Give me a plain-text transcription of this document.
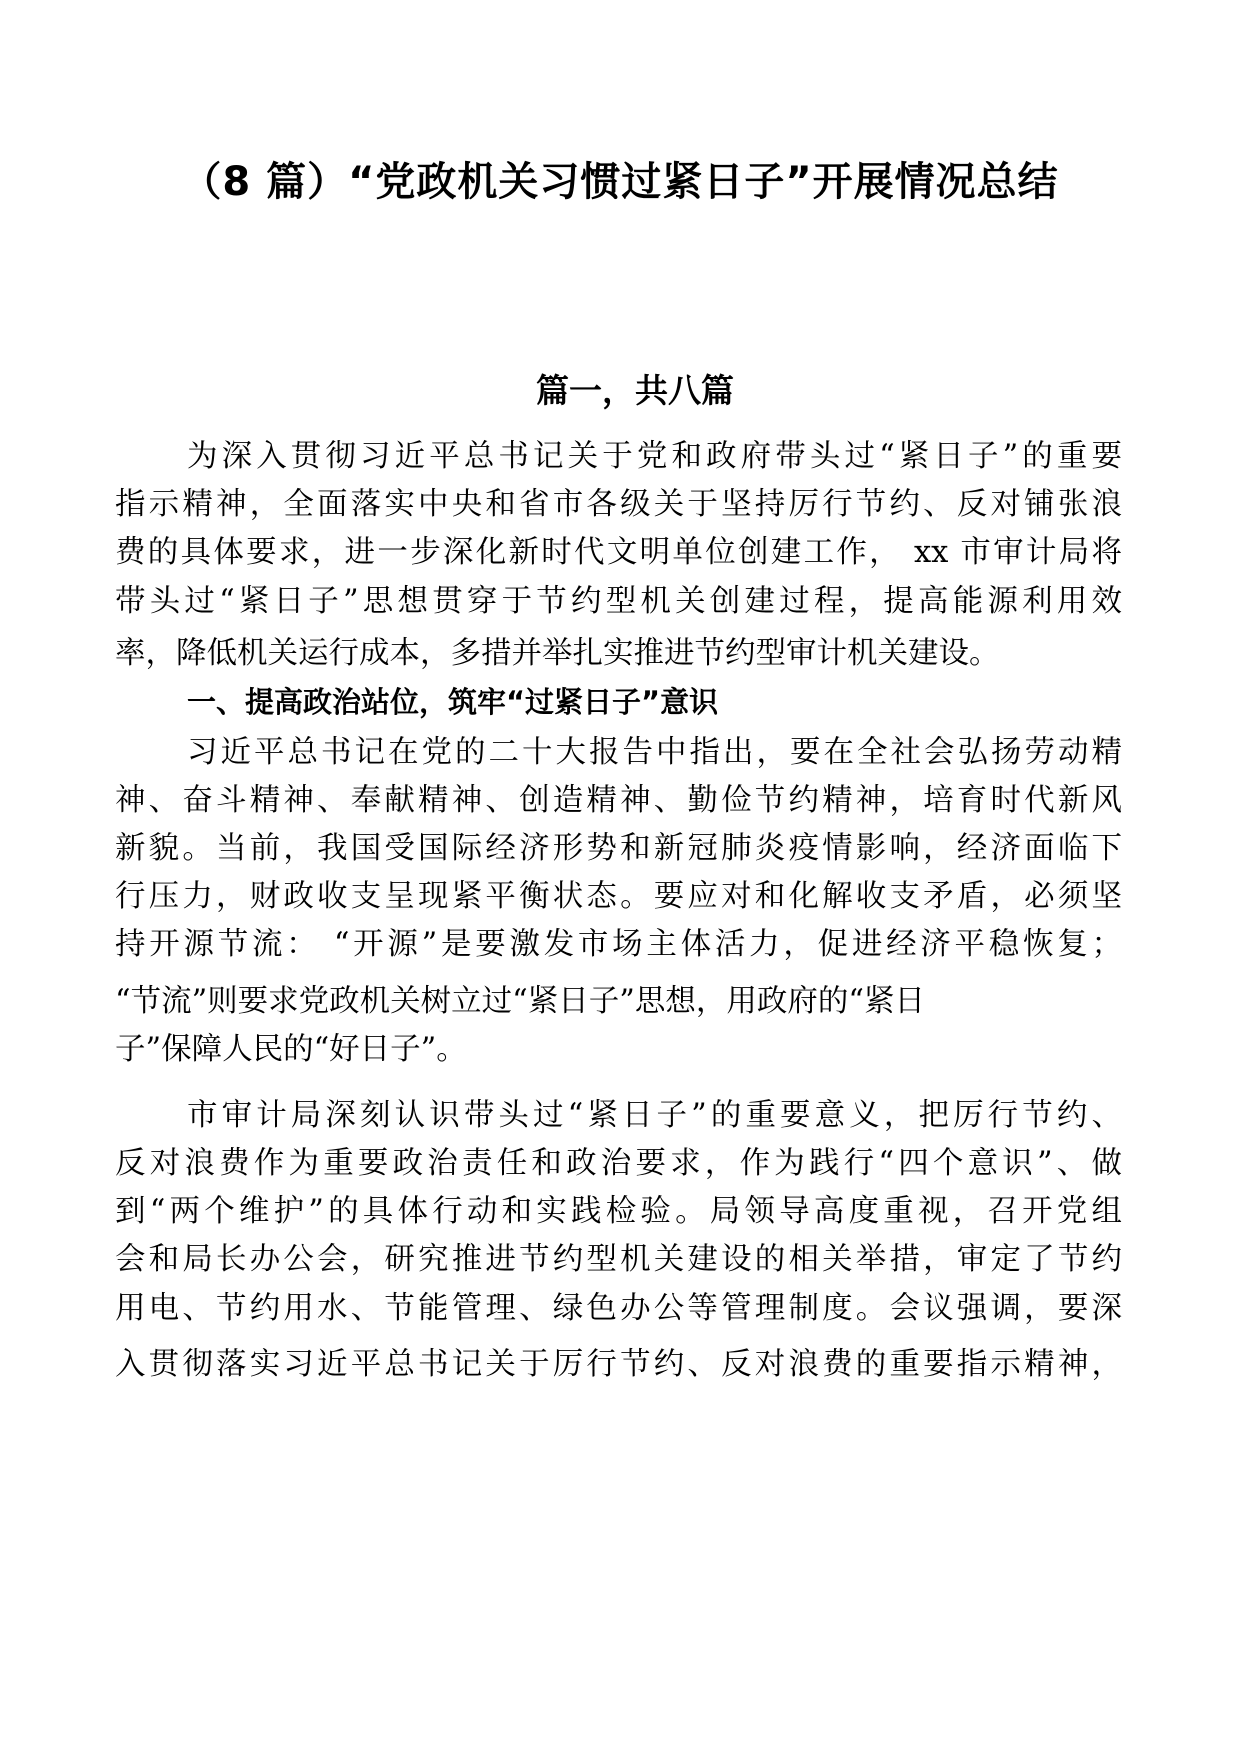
（8 篇）“党政机关习惯过紧日子”开展情况总结
篇一，共八篇
为深入贯彻习近平总书记关于党和政府带头过“紧日子”的重要
指示精神，全面落实中央和省市各级关于坚持厉行节约、反对铺张浪
费的具体要求，进一步深化新时代文明单位创建工作， xx 市审计局将
带头过“紧日子”思想贯穿于节约型机关创建过程，提高能源利用效
率，降低机关运行成本，多措并举扎实推进节约型审计机关建设。
一、提高政治站位，筑牢“过紧日子”意识
习近平总书记在党的二十大报告中指出，要在全社会弘扬劳动精
神、奋斗精神、奉献精神、创造精神、勤俭节约精神，培育时代新风
新貌。当前，我国受国际经济形势和新冠肺炎疫情影响，经济面临下
行压力，财政收支呈现紧平衡状态。要应对和化解收支矛盾，必须坚
持开源节流： “开源”是要激发市场主体活力，促进经济平稳恢复；
“节流”则要求党政机关树立过“紧日子”思想，用政府的“紧日
子”保障人民的“好日子”。
市审计局深刻认识带头过“紧日子”的重要意义，把厉行节约、
反对浪费作为重要政治责任和政治要求，作为践行“四个意识”、做
到“两个维护”的具体行动和实践检验。局领导高度重视，召开党组
会和局长办公会，研究推进节约型机关建设的相关举措，审定了节约
用电、节约用水、节能管理、绿色办公等管理制度。会议强调，要深
入贯彻落实习近平总书记关于厉行节约、反对浪费的重要指示精神，
